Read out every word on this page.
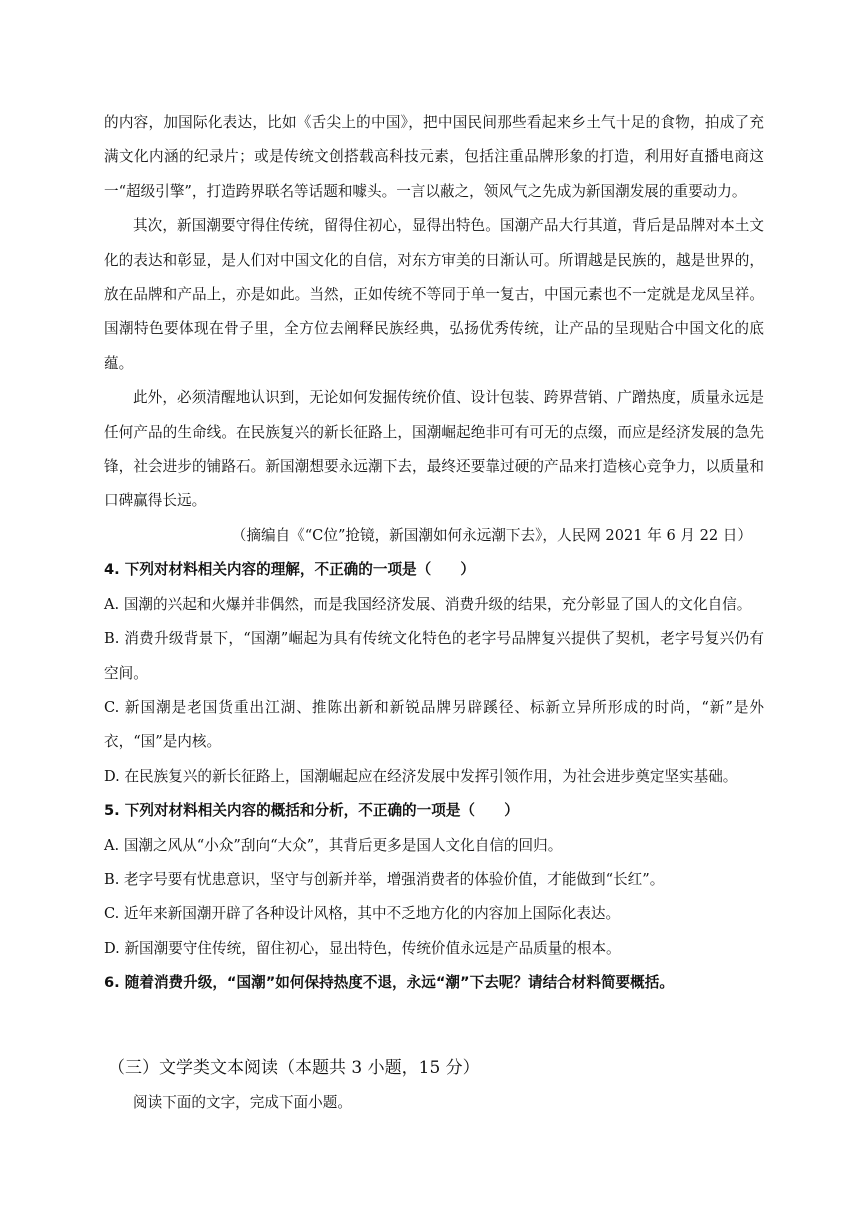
的内容，加国际化表达，比如《舌尖上的中国》，把中国民间那些看起来乡土气十足的食物，拍成了充满文化内涵的纪录片；或是传统文创搭载高科技元素，包括注重品牌形象的打造，利用好直播电商这一“超级引擎”，打造跨界联名等话题和噱头。一言以蔽之，领风气之先成为新国潮发展的重要动力。

其次，新国潮要守得住传统，留得住初心，显得出特色。国潮产品大行其道，背后是品牌对本土文化的表达和彰显，是人们对中国文化的自信，对东方审美的日渐认可。所谓越是民族的，越是世界的，放在品牌和产品上，亦是如此。当然，正如传统不等同于单一复古，中国元素也不一定就是龙凤呈祥。国潮特色要体现在骨子里，全方位去阐释民族经典，弘扬优秀传统，让产品的呈现贴合中国文化的底蕴。

此外，必须清醒地认识到，无论如何发掘传统价值、设计包装、跨界营销、广蹭热度，质量永远是任何产品的生命线。在民族复兴的新长征路上，国潮崛起绝非可有可无的点缀，而应是经济发展的急先锋，社会进步的铺路石。新国潮想要永远潮下去，最终还要靠过硬的产品来打造核心竞争力，以质量和口碑赢得长远。

（摘编自《“C位”抢镜，新国潮如何永远潮下去》，人民网 2021 年 6 月 22 日）

4. 下列对材料相关内容的理解，不正确的一项是（　　）

A. 国潮的兴起和火爆并非偶然，而是我国经济发展、消费升级的结果，充分彰显了国人的文化自信。

B. 消费升级背景下，“国潮”崛起为具有传统文化特色的老字号品牌复兴提供了契机，老字号复兴仍有空间。

C. 新国潮是老国货重出江湖、推陈出新和新锐品牌另辟蹊径、标新立异所形成的时尚，“新”是外衣，“国”是内核。

D. 在民族复兴的新长征路上，国潮崛起应在经济发展中发挥引领作用，为社会进步奠定坚实基础。

5. 下列对材料相关内容的概括和分析，不正确的一项是（　　）

A. 国潮之风从“小众”刮向“大众”，其背后更多是国人文化自信的回归。

B. 老字号要有忧患意识，坚守与创新并举，增强消费者的体验价值，才能做到“长红”。

C. 近年来新国潮开辟了各种设计风格，其中不乏地方化的内容加上国际化表达。

D. 新国潮要守住传统，留住初心，显出特色，传统价值永远是产品质量的根本。

6. 随着消费升级，“国潮”如何保持热度不退，永远“潮”下去呢？请结合材料简要概括。

（三）文学类文本阅读（本题共 3 小题，15 分）

阅读下面的文字，完成下面小题。
